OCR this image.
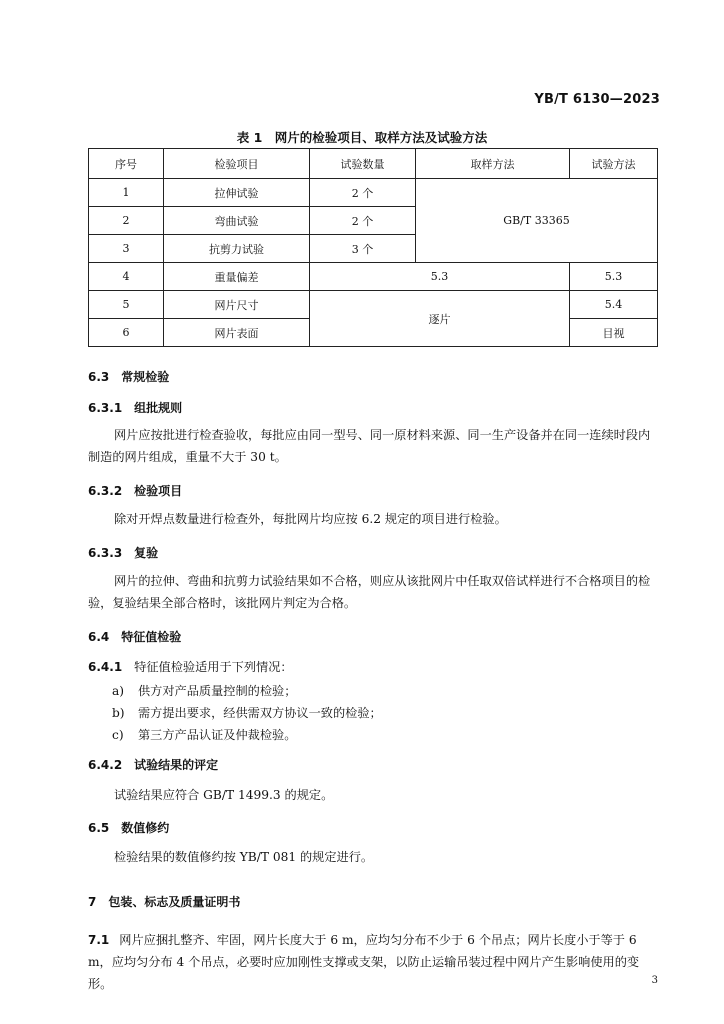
YB/T 6130—2023
表 1　网片的检验项目、取样方法及试验方法
序号	检验项目	试验数量	取样方法	试验方法
1	拉伸试验	2 个	GB/T 33365	
2	弯曲试验	2 个		
3	抗剪力试验	3 个		
4	重量偏差	5.3		5.3
5	网片尺寸	逐片		5.4
6	网片表面			目视
6.3　常规检验
6.3.1　组批规则
网片应按批进行检查验收，每批应由同一型号、同一原材料来源、同一生产设备并在同一连续时段内制造的网片组成，重量不大于 30 t。
6.3.2　检验项目
除对开焊点数量进行检查外，每批网片均应按 6.2 规定的项目进行检验。
6.3.3　复验
网片的拉伸、弯曲和抗剪力试验结果如不合格，则应从该批网片中任取双倍试样进行不合格项目的检验，复验结果全部合格时，该批网片判定为合格。
6.4　特征值检验
6.4.1 特征值检验适用于下列情况：
a) 供方对产品质量控制的检验；
b) 需方提出要求，经供需双方协议一致的检验；
c) 第三方产品认证及仲裁检验。
6.4.2　试验结果的评定
试验结果应符合 GB/T 1499.3 的规定。
6.5　数值修约
检验结果的数值修约按 YB/T 081 的规定进行。
7　包装、标志及质量证明书
7.1 网片应捆扎整齐、牢固，网片长度大于 6 m，应均匀分布不少于 6 个吊点；网片长度小于等于 6 m，应均匀分布 4 个吊点，必要时应加刚性支撑或支架，以防止运输吊装过程中网片产生影响使用的变形。	3
